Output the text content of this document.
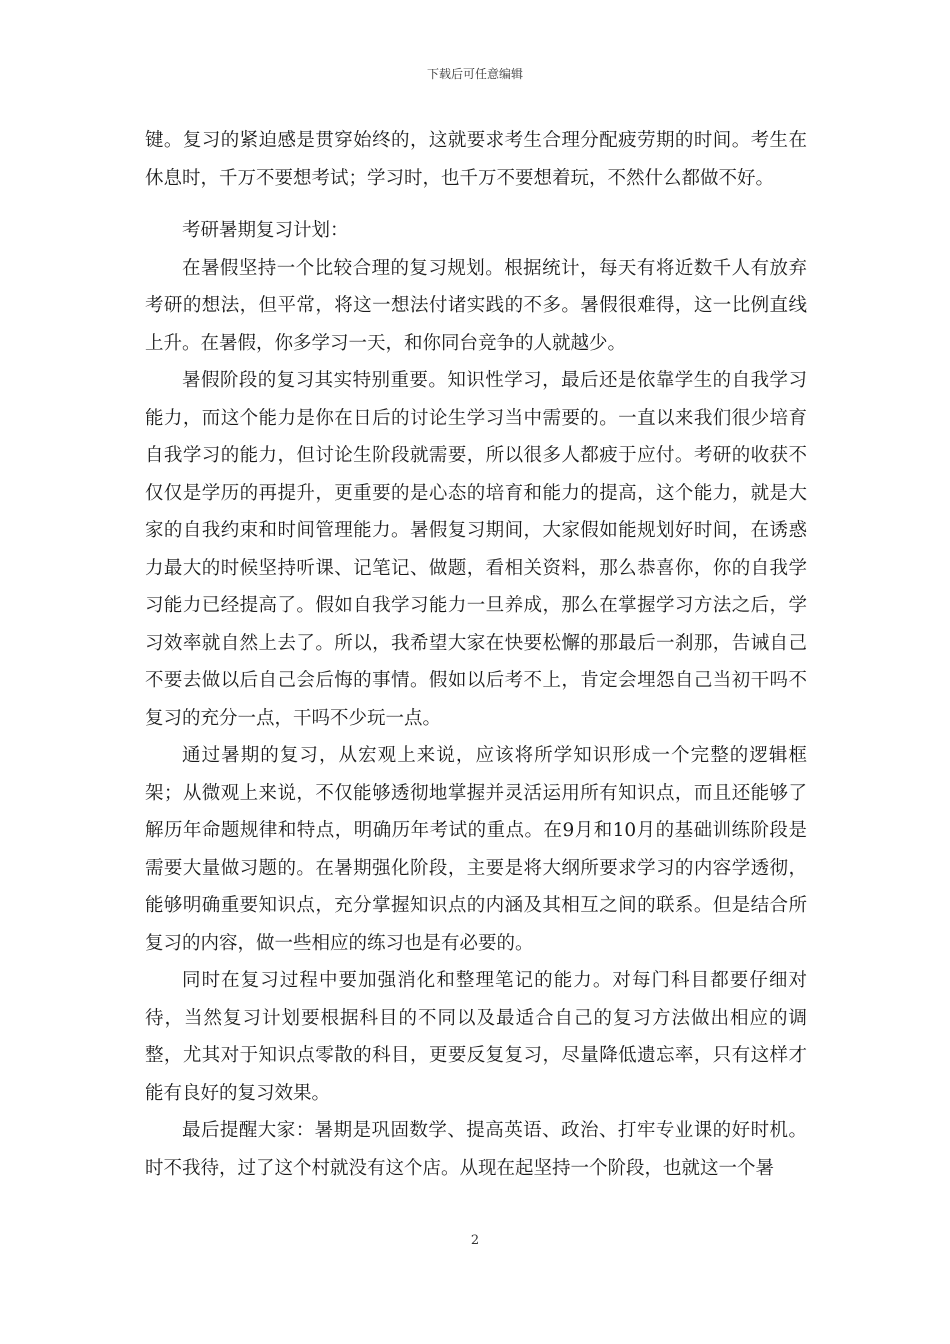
下载后可任意编辑

键。复习的紧迫感是贯穿始终的，这就要求考生合理分配疲劳期的时间。考生在休息时，千万不要想考试；学习时，也千万不要想着玩，不然什么都做不好。

考研暑期复习计划：

在暑假坚持一个比较合理的复习规划。根据统计，每天有将近数千人有放弃考研的想法，但平常，将这一想法付诸实践的不多。暑假很难得，这一比例直线上升。在暑假，你多学习一天，和你同台竞争的人就越少。

暑假阶段的复习其实特别重要。知识性学习，最后还是依靠学生的自我学习能力，而这个能力是你在日后的讨论生学习当中需要的。一直以来我们很少培育自我学习的能力，但讨论生阶段就需要，所以很多人都疲于应付。考研的收获不仅仅是学历的再提升，更重要的是心态的培育和能力的提高，这个能力，就是大家的自我约束和时间管理能力。暑假复习期间，大家假如能规划好时间，在诱惑力最大的时候坚持听课、记笔记、做题，看相关资料，那么恭喜你，你的自我学习能力已经提高了。假如自我学习能力一旦养成，那么在掌握学习方法之后，学习效率就自然上去了。所以，我希望大家在快要松懈的那最后一刹那，告诫自己不要去做以后自己会后悔的事情。假如以后考不上，肯定会埋怨自己当初干吗不复习的充分一点，干吗不少玩一点。

通过暑期的复习，从宏观上来说，应该将所学知识形成一个完整的逻辑框架；从微观上来说，不仅能够透彻地掌握并灵活运用所有知识点，而且还能够了解历年命题规律和特点，明确历年考试的重点。在9月和10月的基础训练阶段是需要大量做习题的。在暑期强化阶段，主要是将大纲所要求学习的内容学透彻，能够明确重要知识点，充分掌握知识点的内涵及其相互之间的联系。但是结合所复习的内容，做一些相应的练习也是有必要的。

同时在复习过程中要加强消化和整理笔记的能力。对每门科目都要仔细对待，当然复习计划要根据科目的不同以及最适合自己的复习方法做出相应的调整，尤其对于知识点零散的科目，更要反复复习，尽量降低遗忘率，只有这样才能有良好的复习效果。

最后提醒大家：暑期是巩固数学、提高英语、政治、打牢专业课的好时机。时不我待，过了这个村就没有这个店。从现在起坚持一个阶段，也就这一个暑

2
